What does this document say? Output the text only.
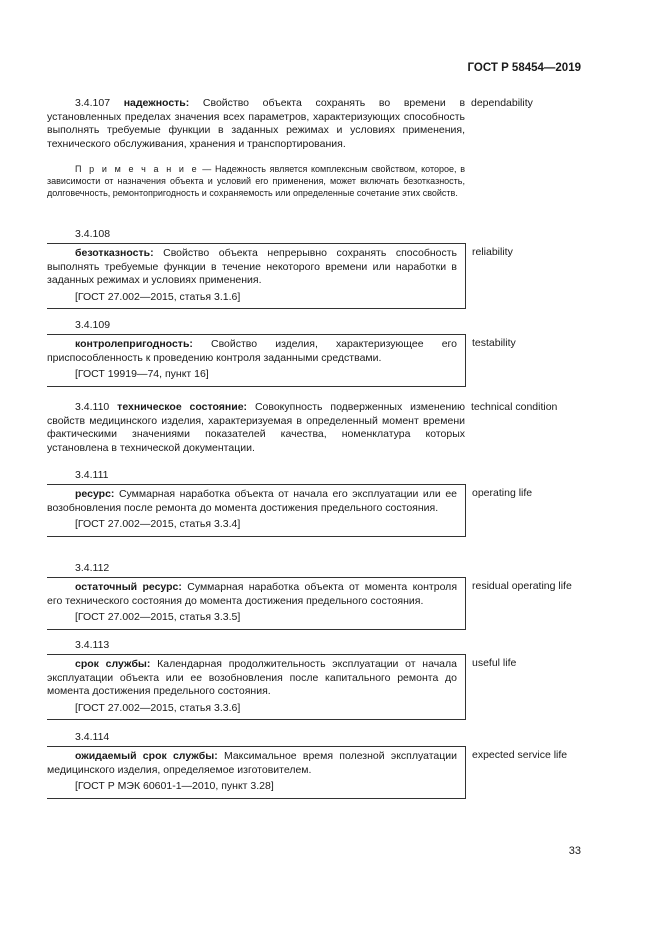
ГОСТ Р 58454—2019
3.4.107 надежность: Свойство объекта сохранять во времени в установленных пределах значения всех параметров, характеризующих способность выполнять требуемые функции в заданных режимах и условиях применения, технического обслуживания, хранения и транспортирования.
П р и м е ч а н и е — Надежность является комплексным свойством, которое, в зависимости от назначения объекта и условий его применения, может включать безотказность, долговечность, ремонтопригодность и сохраняемость или определенные сочетание этих свойств.
dependability
3.4.108
безотказность: Свойство объекта непрерывно сохранять способность выполнять требуемые функции в течение некоторого времени или наработки в заданных режимах и условиях применения.
[ГОСТ 27.002—2015, статья 3.1.6]
reliability
3.4.109
контролепригодность: Свойство изделия, характеризующее его приспособленность к проведению контроля заданными средствами.
[ГОСТ 19919—74, пункт 16]
testability
3.4.110 техническое состояние: Совокупность подверженных изменению свойств медицинского изделия, характеризуемая в определенный момент времени фактическими значениями показателей качества, номенклатура которых установлена в технической документации.
technical condition
3.4.111
ресурс: Суммарная наработка объекта от начала его эксплуатации или ее возобновления после ремонта до момента достижения предельного состояния.
[ГОСТ 27.002—2015, статья 3.3.4]
operating life
3.4.112
остаточный ресурс: Суммарная наработка объекта от момента контроля его технического состояния до момента достижения предельного состояния.
[ГОСТ 27.002—2015, статья 3.3.5]
residual operating life
3.4.113
срок службы: Календарная продолжительность эксплуатации от начала эксплуатации объекта или ее возобновления после капитального ремонта до момента достижения предельного состояния.
[ГОСТ 27.002—2015, статья 3.3.6]
useful life
3.4.114
ожидаемый срок службы: Максимальное время полезной эксплуатации медицинского изделия, определяемое изготовителем.
[ГОСТ Р МЭК 60601-1—2010, пункт 3.28]
expected service life
33
